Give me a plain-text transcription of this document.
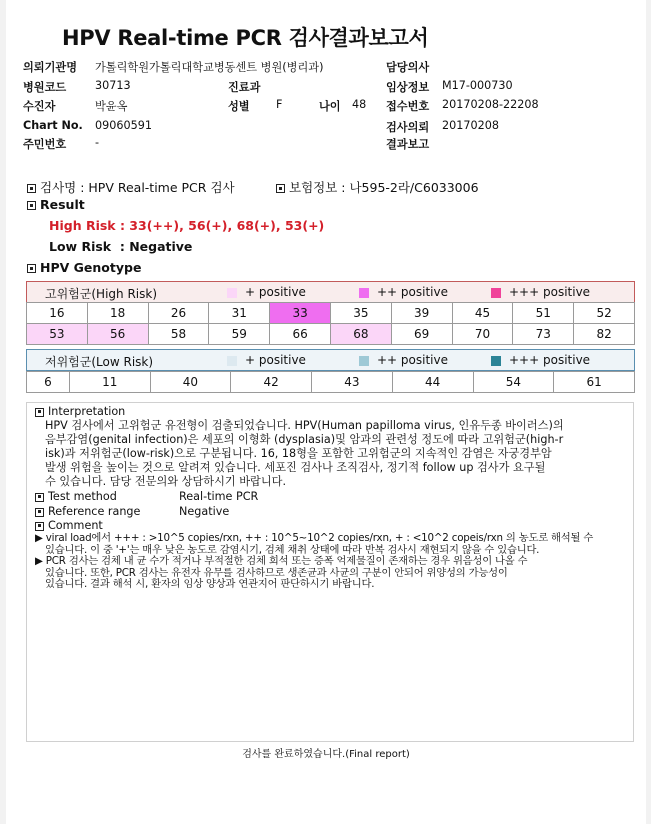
HPV Real-time PCR 검사결과보고서
의뢰기관명 가톨릭학원가톨릭대학교병동센트 병원(병리과)	담당의사
병원코드	30713	진료과	임상정보 M17-000730
수진자	박윤옥	성별 F	나이 48 접수번호 20170208-22208
Chart No. 09060591	검사의뢰 20170208
주민번호	-	결과보고
검사명 : HPV Real-time PCR 검사	보험정보 : 나595-2라/C6033006
Result
High Risk : 33(++), 56(+), 68(+), 53(+)
Low Risk : Negative
HPV Genotype
고위험군(High Risk)	+ positive	++ positive	+++ positive
16	18	26	31	33	35	39	45	51	52
53	56	58	59	66	68	69	70	73	82
저위험군(Low Risk)	+ positive	++ positive	+++ positive
6	11	40	42	43	44	54	61
Interpretation
HPV 검사에서 고위험군 유전형이 검출되었습니다. HPV(Human papilloma virus, 인유두종 바이러스)의
음부감염(genital infection)은 세포의 이형화 (dysplasia)및 암과의 관련성 정도에 따라 고위험군(high-r
isk)과 저위험군(low-risk)으로 구분됩니다. 16, 18형을 포함한 고위험군의 지속적인 감염은 자궁경부암
발생 위험을 높이는 것으로 알려져 있습니다. 세포진 검사나 조직검사, 정기적 follow up 검사가 요구될
수 있습니다. 담당 전문의와 상담하시기 바랍니다.
Test method	Real-time PCR
Reference range	Negative
Comment
▶ viral load에서 +++ : >10^5 copies/rxn, ++ : 10^5~10^2 copies/rxn, + : <10^2 copeis/rxn 의 농도로 해석될 수
있습니다. 이 중 '+'는 매우 낮은 농도로 감염시기, 검체 채취 상태에 따라 반복 검사시 재현되지 않을 수 있습니다.
▶ PCR 검사는 검체 내 균 수가 적거나 부적절한 검체 희석 또는 증폭 억제물질이 존재하는 경우 위음성이 나올 수
있습니다. 또한, PCR 검사는 유전자 유무를 검사하므로 생존균과 사균의 구분이 안되어 위양성의 가능성이
있습니다. 결과 해석 시, 환자의 임상 양상과 연관지어 판단하시기 바랍니다.
검사를 완료하였습니다.(Final report)
